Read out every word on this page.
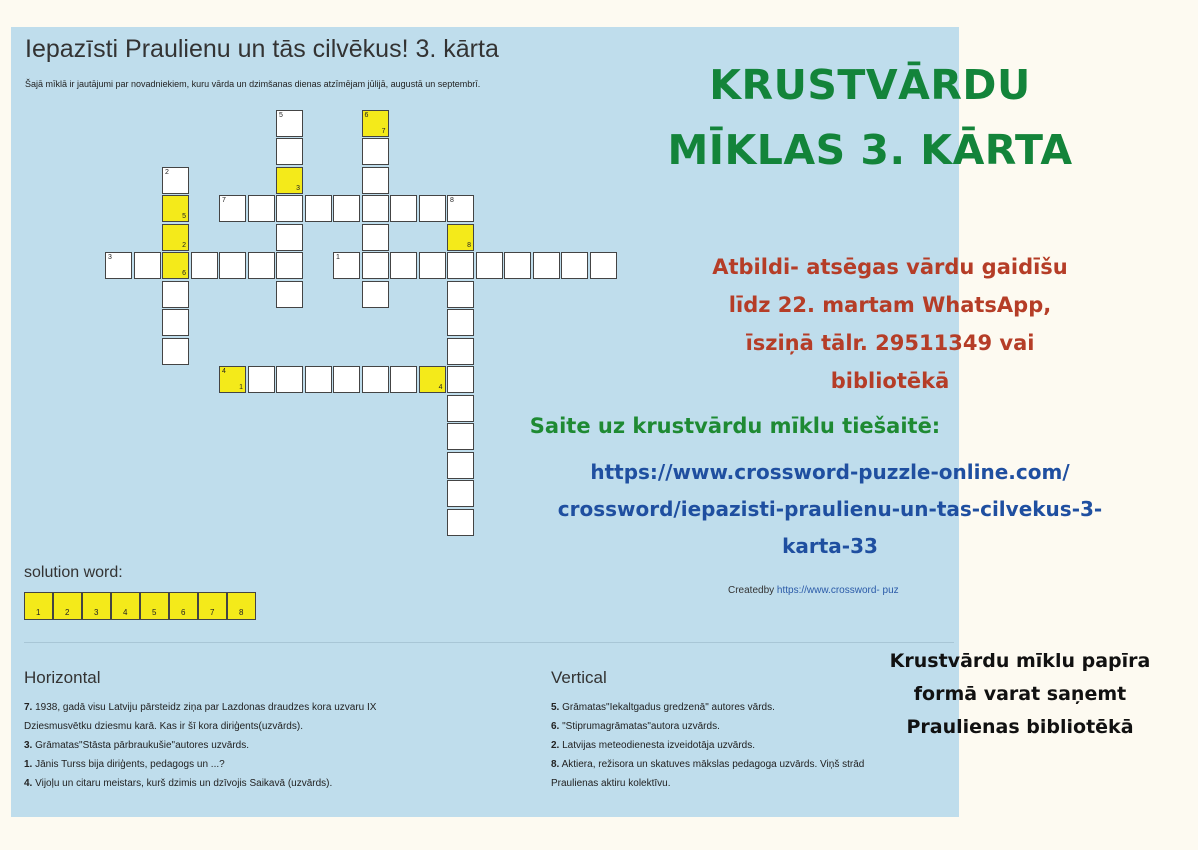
Iepazīsti Praulienu un tās cilvēkus! 3. kārta
Šajā mīklā ir jautājumi par novadniekiem, kuru vārda un dzimšanas dienas atzīmējam jūlijā, augustā un septembrī.
5
3
6
7
2
5
2
6
8
8
7
3	1
4
1	4
solution word:
1	2	3	4	5	6	7	8
Createdby https://www.crossword- puz
Horizontal
7. 1938, gadā visu Latviju pārsteidz ziņa par Lazdonas draudzes kora uzvaru IX
Dziesmusvētku dziesmu karā. Kas ir šī kora diriģents(uzvārds).
3. Grāmatas"Stāsta pārbraukušie"autores uzvārds.
1. Jānis Turss bija diriģents, pedagogs un ...?
4. Vijoļu un citaru meistars, kurš dzimis un dzīvojis Saikavā (uzvārds).
Vertical
5. Grāmatas"Iekaltgadus gredzenā" autores vārds.
6. "Stiprumagrāmatas"autora uzvārds.
2. Latvijas meteodienesta izveidotāja uzvārds.
8. Aktiera, režisora un skatuves mākslas pedagoga uzvārds. Viņš strād
Praulienas aktiru kolektīvu.
KRUSTVĀRDU
MĪKLAS 3. KĀRTA
Atbildi- atsēgas vārdu gaidīšu
līdz 22. martam WhatsApp,
īsziņā tālr. 29511349 vai
bibliotēkā
Saite uz krustvārdu mīklu tiešaitē:
https://www.crossword-puzzle-online.com/
crossword/iepazisti-praulienu-un-tas-cilvekus-3-
karta-33
Krustvārdu mīklu papīra
formā varat saņemt
Praulienas bibliotēkā
